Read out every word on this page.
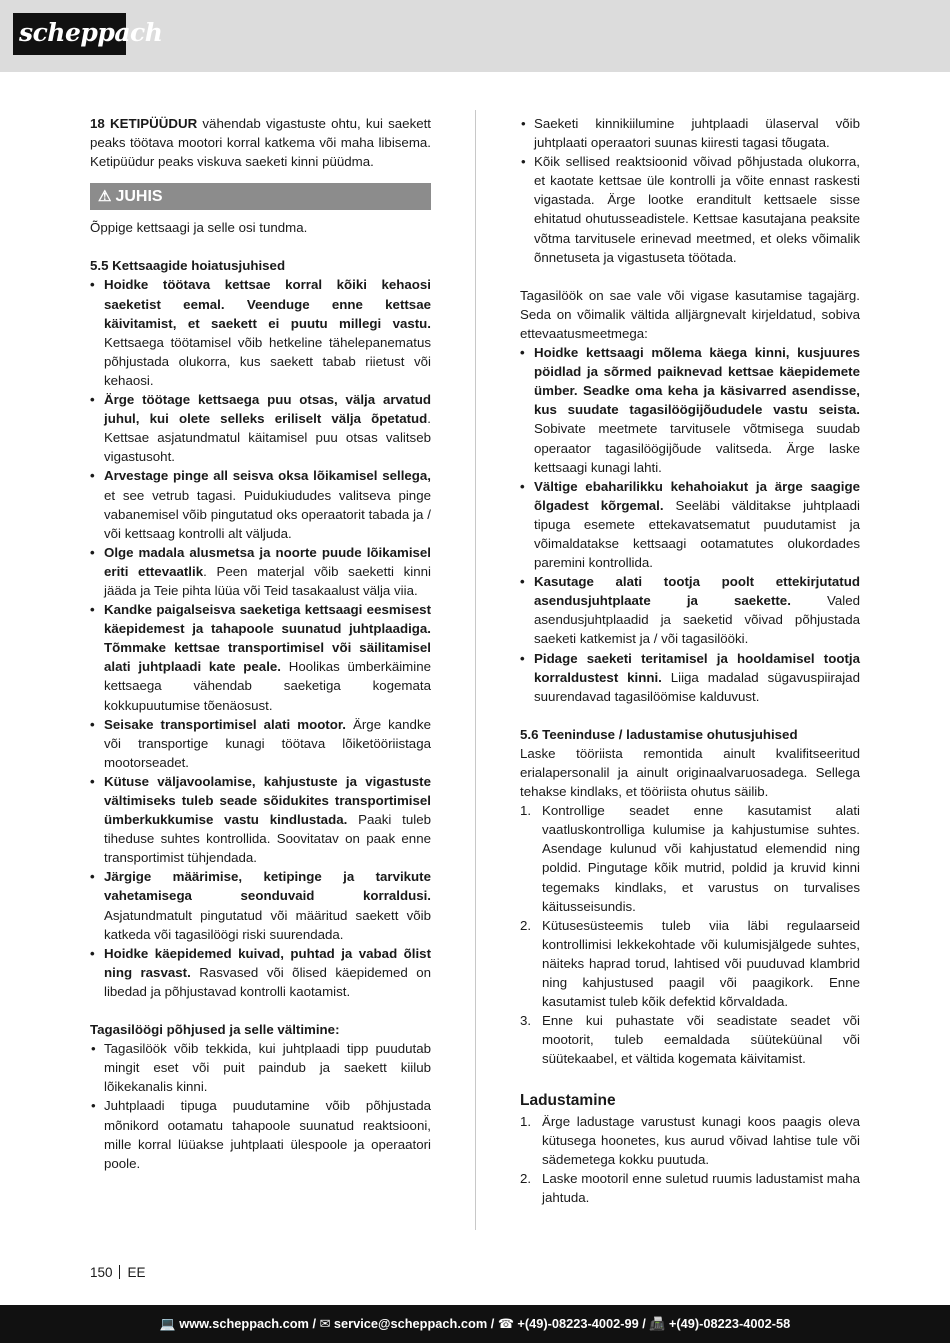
scheppach

18 KETIPÜÜDUR vähendab vigastuste ohtu, kui saekett peaks töötava mootori korral katkema või maha libisema. Ketipüüdur peaks viskuva saeketi kinni püüdma.

⚠ JUHIS

Õppige kettsaagi ja selle osi tundma.

5.5 Kettsaagide hoiatusjuhised
• Hoidke töötava kettsae korral kõiki kehaosi saeketist eemal. Veenduge enne kettsae käivitamist, et saekett ei puutu millegi vastu. Kettsaega töötamisel võib hetkeline tähelepanematus põhjustada olukorra, kus saekett tabab riietust või kehaosi.
• Ärge töötage kettsaega puu otsas, välja arvatud juhul, kui olete selleks eriliselt välja õpetatud. Kettsae asjatundmatul käitamisel puu otsas valitseb vigastusoht.
• Arvestage pinge all seisva oksa lõikamisel sellega, et see vetrub tagasi. Puidukiududes valitseva pinge vabanemisel võib pingutatud oks operaatorit tabada ja / või kettsaag kontrolli alt väljuda.
• Olge madala alusmetsa ja noorte puude lõikamisel eriti ettevaatlik. Peen materjal võib saeketti kinni jääda ja Teie pihta lüüa või Teid tasakaalust välja viia.
• Kandke paigalseisva saeketiga kettsaagi eesmisest käepidemest ja tahapoole suunatud juhtplaadiga. Tõmmake kettsae transportimisel või säilitamisel alati juhtplaadi kate peale. Hoolikas ümberkäimine kettsaega vähendab saeketiga kogemata kokkupuutumise tõenäosust.
• Seisake transportimisel alati mootor. Ärge kandke või transportige kunagi töötava lõiketööriistaga mootorseadet.
• Kütuse väljavoolamise, kahjustuste ja vigastuste vältimiseks tuleb seade sõidukites transportimisel ümberkukkumise vastu kindlustada. Paaki tuleb tiheduse suhtes kontrollida. Soovitatav on paak enne transportimist tühjendada.
• Järgige määrimise, ketipinge ja tarvikute vahetamisega seonduvaid korraldusi. Asjatundmatult pingutatud või määritud saekett võib katkeda või tagasilöögi riski suurendada.
• Hoidke käepidemed kuivad, puhtad ja vabad õlist ning rasvast. Rasvased või õlised käepidemed on libedad ja põhjustavad kontrolli kaotamist.
Tagasilöögi põhjused ja selle vältimine:
• Tagasilöök võib tekkida, kui juhtplaadi tipp puudutab mingit eset või puit paindub ja saekett kiilub lõikekanalis kinni.
• Juhtplaadi tipuga puudutamine võib põhjustada mõnikord ootamatu tahapoole suunatud reaktsiooni, mille korral lüüakse juhtplaati ülespoole ja operaatori poole.
• Saeketi kinnikiilumine juhtplaadi ülaserval võib juhtplaati operaatori suunas kiiresti tagasi tõugata.
• Kõik sellised reaktsioonid võivad põhjustada olukorra, et kaotate kettsae üle kontrolli ja võite ennast raskesti vigastada. Ärge lootke eranditult kettsaele sisse ehitatud ohutusseadistele. Kettsae kasutajana peaksite võtma tarvitusele erinevad meetmed, et oleks võimalik õnnetuseta ja vigastuseta töötada.

Tagasilöök on sae vale või vigase kasutamise tagajärg. Seda on võimalik vältida alljärgnevalt kirjeldatud, sobiva ettevaatusmeetmega:

• Hoidke kettsaagi mõlema käega kinni, kusjuures pöidlad ja sõrmed paiknevad kettsae käepidemete ümber. Seadke oma keha ja käsivarred asendisse, kus suudate tagasilöögijõududele vastu seista. Sobivate meetmete tarvitusele võtmisega suudab operaator tagasilöögijõude valitseda. Ärge laske kettsaagi kunagi lahti.
• Vältige ebaharilikku kehahoiakut ja ärge saagige õlgadest kõrgemal. Seeläbi välditakse juhtplaadi tipuga esemete ettekavatsematut puudutamist ja võimaldatakse kettsaagi ootamatutes olukordades paremini kontrollida.
• Kasutage alati tootja poolt ettekirjutatud asendusjuhtplaate ja saekette. Valed asendusjuhtplaadid ja saeketid võivad põhjustada saeketi katkemist ja / või tagasilööki.
• Pidage saeketi teritamisel ja hooldamisel tootja korraldustest kinni. Liiga madalad sügavuspiirajad suurendavad tagasilöömise kalduvust.
5.6 Teeninduse / ladustamise ohutusjuhised

Laske tööriista remontida ainult kvalifitseeritud erialapersonalil ja ainult originaalvaruosadega. Sellega tehakse kindlaks, et tööriista ohutus säilib.

1. Kontrollige seadet enne kasutamist alati vaatluskontrolliga kulumise ja kahjustumise suhtes. Asendage kulunud või kahjustatud elemendid ning poldid. Pingutage kõik mutrid, poldid ja kruvid kinni tegemaks kindlaks, et varustus on turvalises käitusseisundis.
2. Kütusesüsteemis tuleb viia läbi regulaarseid kontrollimisi lekkekohtade või kulumisjälgede suhtes, näiteks haprad torud, lahtised või puuduvad klambrid ning kahjustused paagil või paagikork. Enne kasutamist tuleb kõik defektid kõrvaldada.
3. Enne kui puhastate või seadistate seadet või mootorit, tuleb eemaldada süüteküünal või süütekaabel, et vältida kogemata käivitamist.
Ladustamine
1. Ärge ladustage varustust kunagi koos paagis oleva kütusega hoonetes, kus aurud võivad lahtise tule või sädemetega kokku puutuda.
2. Laske mootoril enne suletud ruumis ladustamist maha jahtuda.
150 EE
💻 www.scheppach.com / ✉ service@scheppach.com / ☎ +(49)-08223-4002-99 / 📠 +(49)-08223-4002-58
